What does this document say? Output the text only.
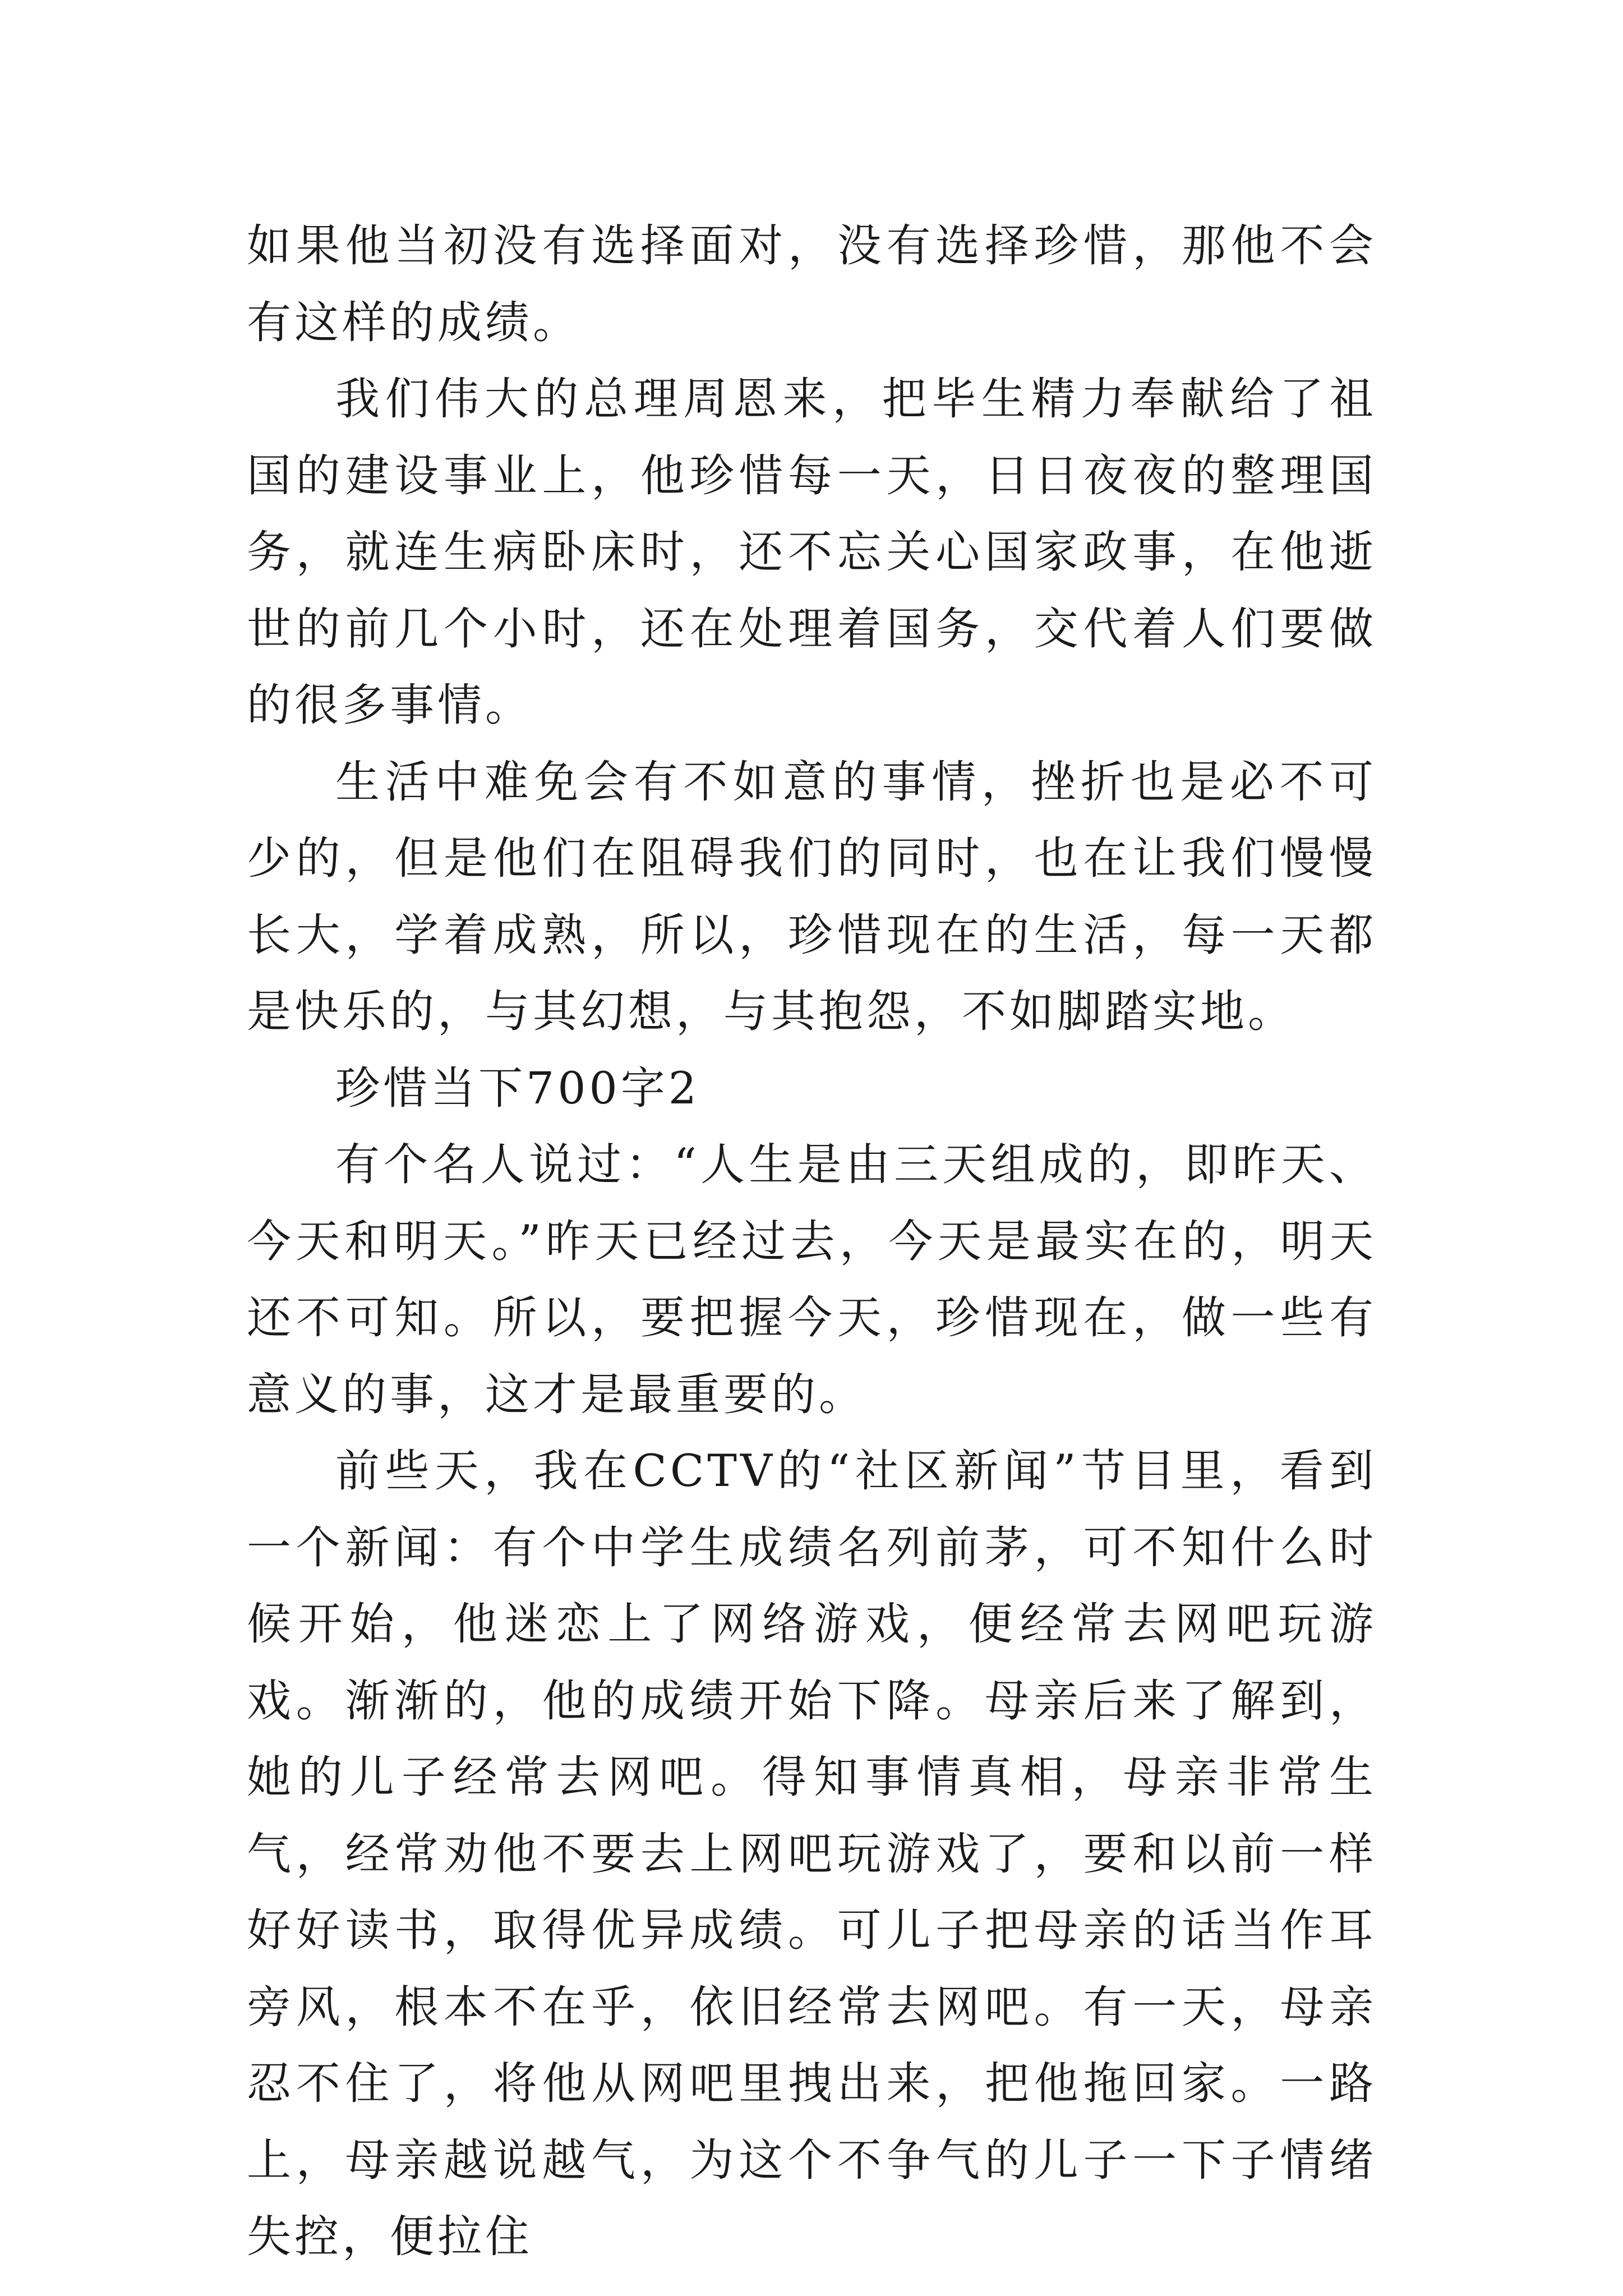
如果他当初没有选择面对，没有选择珍惜，那他不会有这样的成绩。

我们伟大的总理周恩来，把毕生精力奉献给了祖国的建设事业上，他珍惜每一天，日日夜夜的整理国务，就连生病卧床时，还不忘关心国家政事，在他逝世的前几个小时，还在处理着国务，交代着人们要做的很多事情。

生活中难免会有不如意的事情，挫折也是必不可少的，但是他们在阻碍我们的同时，也在让我们慢慢长大，学着成熟，所以，珍惜现在的生活，每一天都是快乐的，与其幻想，与其抱怨，不如脚踏实地。

珍惜当下700字2

有个名人说过：“人生是由三天组成的，即昨天、今天和明天。”昨天已经过去，今天是最实在的，明天还不可知。所以，要把握今天，珍惜现在，做一些有意义的事，这才是最重要的。

前些天，我在CCTV的“社区新闻”节目里，看到一个新闻：有个中学生成绩名列前茅，可不知什么时候开始，他迷恋上了网络游戏，便经常去网吧玩游戏。渐渐的，他的成绩开始下降。母亲后来了解到，她的儿子经常去网吧。得知事情真相，母亲非常生气，经常劝他不要去上网吧玩游戏了，要和以前一样好好读书，取得优异成绩。可儿子把母亲的话当作耳旁风，根本不在乎，依旧经常去网吧。有一天，母亲忍不住了，将他从网吧里拽出来，把他拖回家。一路上，母亲越说越气，为这个不争气的儿子一下子情绪失控，便拉住
